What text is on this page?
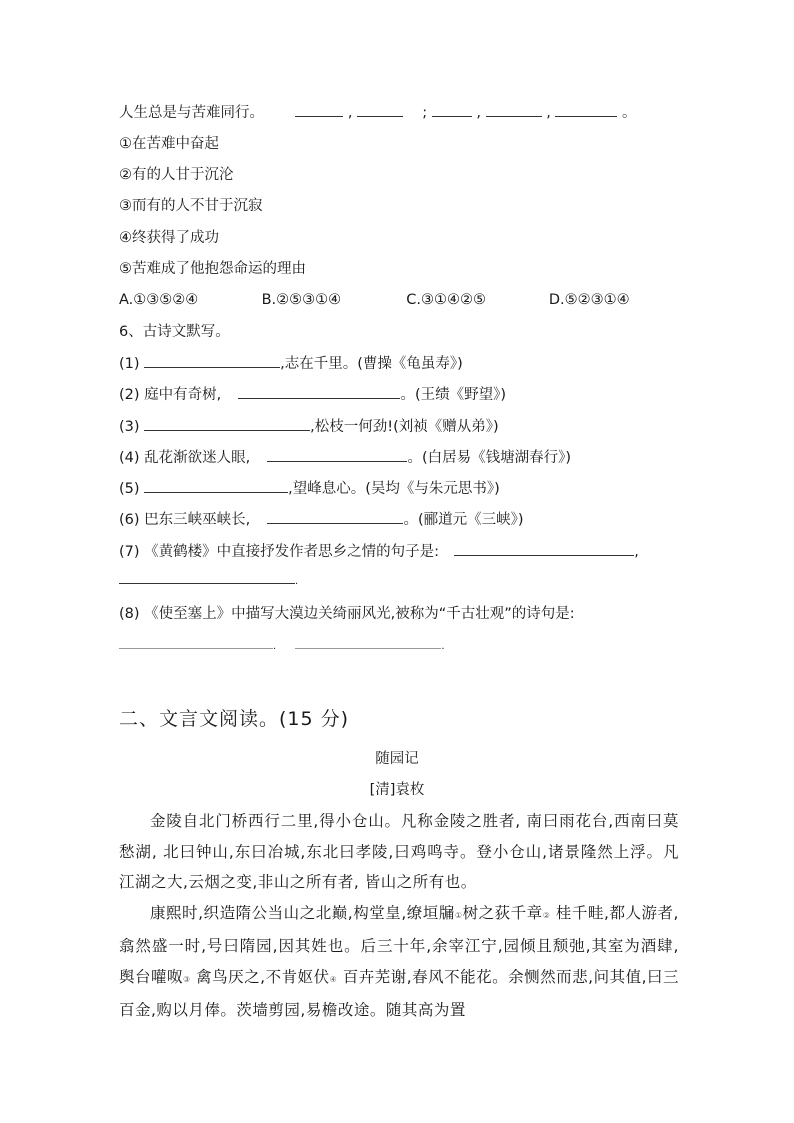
人生总是与苦难同行。	,	;	,	,	。
①在苦难中奋起
②有的人甘于沉沦
③而有的人不甘于沉寂
④终获得了成功
⑤苦难成了他抱怨命运的理由
A.①③⑤②④	B.②⑤③①④	C.③①④②⑤	D.⑤②③①④
6、古诗文默写。
(1)	,志在千里。(曹操《龟虽寿》)
(2) 庭中有奇树,	。(王绩《野望》)
(3)	,松枝一何劲!(刘祯《赠从弟》)
(4) 乱花渐欲迷人眼,	。(白居易《钱塘湖春行》)
(5)	,望峰息心。(吴均《与朱元思书》)
(6) 巴东三峡巫峡长,	。(郦道元《三峡》)
(7) 《黄鹤楼》中直接抒发作者思乡之情的句子是:	,
.
(8) 《使至塞上》中描写大漠边关绮丽风光,被称为“千古壮观”的诗句是:
.	.
二、文言文阅读。(15 分)
随园记
[清]袁枚

金陵自北门桥西行二里,得小仓山。凡称金陵之胜者, 南曰雨花台,西南曰莫愁湖, 北曰钟山,东曰冶城,东北曰孝陵,曰鸡鸣寺。登小仓山,诸景隆然上浮。凡江湖之大,云烟之变,非山之所有者, 皆山之所有也。

康熙时,织造隋公当山之北巅,构堂皇,缭垣牖①树之荻千章② 桂千畦,都人游者, 翕然盛一时,号曰隋园,因其姓也。后三十年,余宰江宁,园倾且颓弛,其室为酒肆,舆台嚾呶③ 禽鸟厌之,不肯妪伏④ 百卉芜谢,春风不能花。余恻然而悲,问其值,曰三百金,购以月俸。茨墙剪园,易檐改途。随其高为置
